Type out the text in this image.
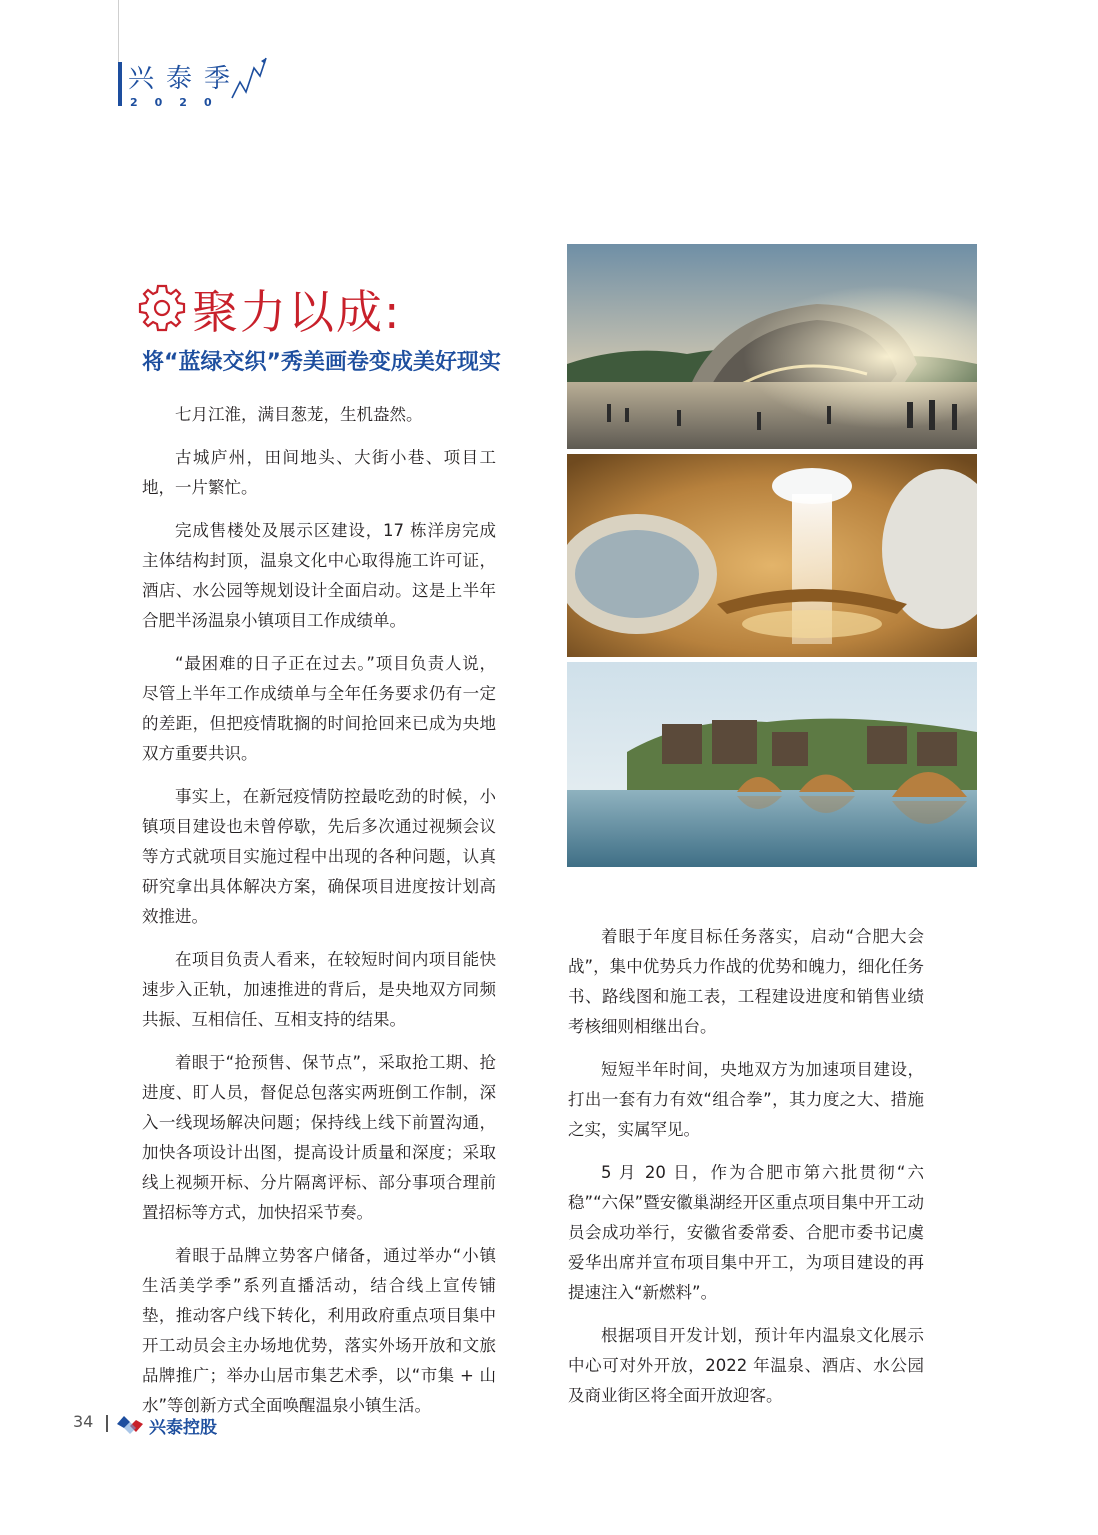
兴泰季
2020
聚力以成:
将“蓝绿交织”秀美画卷变成美好现实

七月江淮，满目葱茏，生机盎然。

古城庐州，田间地头、大街小巷、项目工地，一片繁忙。

完成售楼处及展示区建设，17 栋洋房完成主体结构封顶，温泉文化中心取得施工许可证，酒店、水公园等规划设计全面启动。这是上半年合肥半汤温泉小镇项目工作成绩单。

“最困难的日子正在过去。”项目负责人说，尽管上半年工作成绩单与全年任务要求仍有一定的差距，但把疫情耽搁的时间抢回来已成为央地双方重要共识。

事实上，在新冠疫情防控最吃劲的时候，小镇项目建设也未曾停歇，先后多次通过视频会议等方式就项目实施过程中出现的各种问题，认真研究拿出具体解决方案，确保项目进度按计划高效推进。

在项目负责人看来，在较短时间内项目能快速步入正轨，加速推进的背后，是央地双方同频共振、互相信任、互相支持的结果。

着眼于“抢预售、保节点”，采取抢工期、抢进度、盯人员，督促总包落实两班倒工作制，深入一线现场解决问题；保持线上线下前置沟通，加快各项设计出图，提高设计质量和深度；采取线上视频开标、分片隔离评标、部分事项合理前置招标等方式，加快招采节奏。

着眼于品牌立势客户储备，通过举办“小镇生活美学季”系列直播活动，结合线上宣传铺垫，推动客户线下转化，利用政府重点项目集中开工动员会主办场地优势，落实外场开放和文旅品牌推广；举办山居市集艺术季，以“市集 + 山水”等创新方式全面唤醒温泉小镇生活。

着眼于年度目标任务落实，启动“合肥大会战”，集中优势兵力作战的优势和魄力，细化任务书、路线图和施工表，工程建设进度和销售业绩考核细则相继出台。

短短半年时间，央地双方为加速项目建设，打出一套有力有效“组合拳”，其力度之大、措施之实，实属罕见。

5 月 20 日，作为合肥市第六批贯彻“六稳”“六保”暨安徽巢湖经开区重点项目集中开工动员会成功举行，安徽省委常委、合肥市委书记虞爱华出席并宣布项目集中开工，为项目建设的再提速注入“新燃料”。

根据项目开发计划，预计年内温泉文化展示中心可对外开放，2022 年温泉、酒店、水公园及商业街区将全面开放迎客。

34	兴泰控股
